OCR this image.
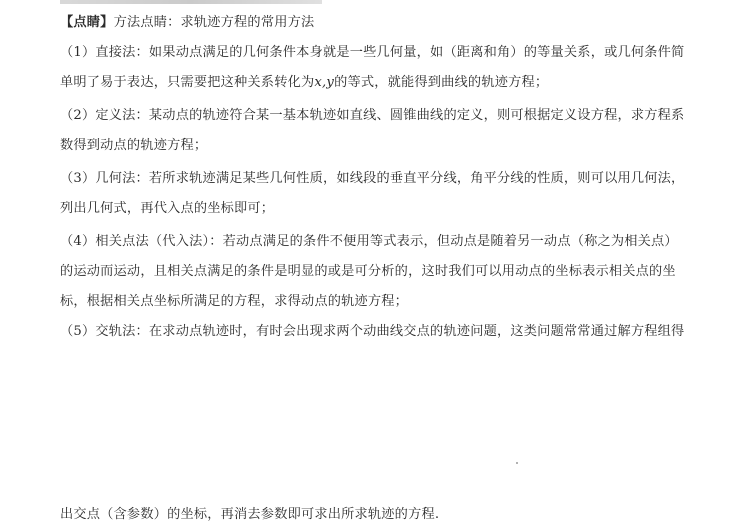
【点睛】方法点睛：求轨迹方程的常用方法
（1）直接法：如果动点满足的几何条件本身就是一些几何量，如（距离和角）的等量关系，或几何条件简
单明了易于表达，只需要把这种关系转化为x,y的等式，就能得到曲线的轨迹方程；
（2）定义法：某动点的轨迹符合某一基本轨迹如直线、圆锥曲线的定义，则可根据定义设方程，求方程系
数得到动点的轨迹方程；
（3）几何法：若所求轨迹满足某些几何性质，如线段的垂直平分线，角平分线的性质，则可以用几何法，
列出几何式，再代入点的坐标即可；
（4）相关点法（代入法）：若动点满足的条件不便用等式表示，但动点是随着另一动点（称之为相关点）
的运动而运动，且相关点满足的条件是明显的或是可分析的，这时我们可以用动点的坐标表示相关点的坐
标，根据相关点坐标所满足的方程，求得动点的轨迹方程；
（5）交轨法：在求动点轨迹时，有时会出现求两个动曲线交点的轨迹问题，这类问题常常通过解方程组得
出交点（含参数）的坐标，再消去参数即可求出所求轨迹的方程.
